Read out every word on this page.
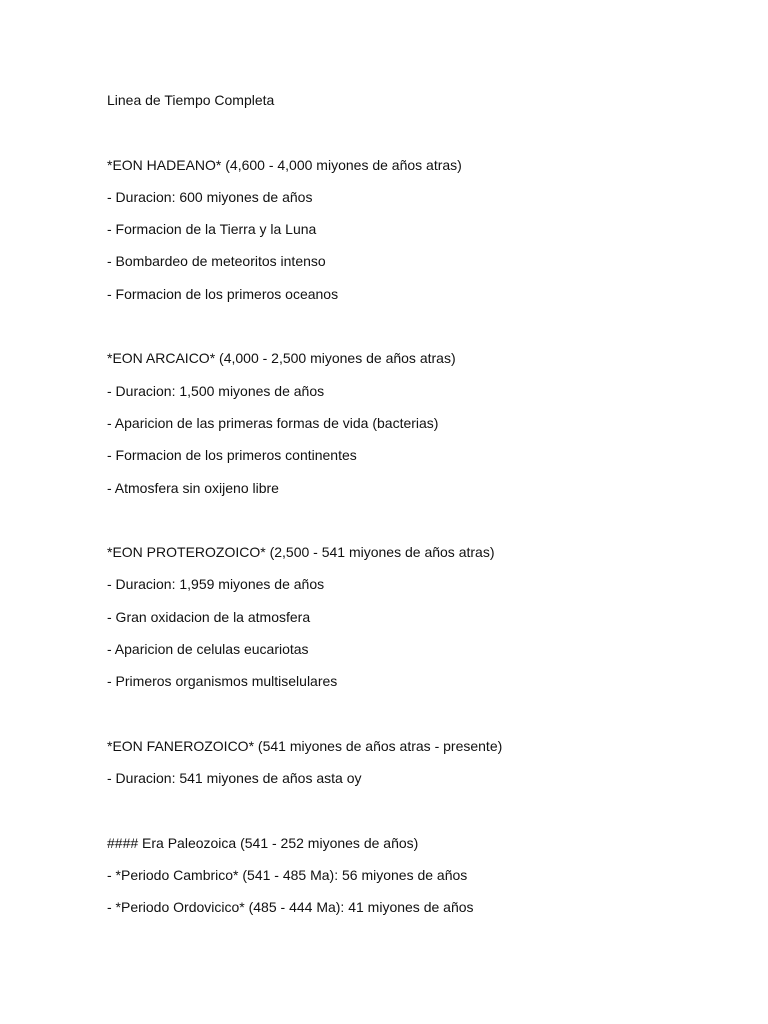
Linea de Tiempo Completa
*EON HADEANO* (4,600 - 4,000 miyones de años atras)
- Duracion: 600 miyones de años
- Formacion de la Tierra y la Luna
- Bombardeo de meteoritos intenso
- Formacion de los primeros oceanos
*EON ARCAICO* (4,000 - 2,500 miyones de años atras)
- Duracion: 1,500 miyones de años
- Aparicion de las primeras formas de vida (bacterias)
- Formacion de los primeros continentes
- Atmosfera sin oxijeno libre
*EON PROTEROZOICO* (2,500 - 541 miyones de años atras)
- Duracion: 1,959 miyones de años
- Gran oxidacion de la atmosfera
- Aparicion de celulas eucariotas
- Primeros organismos multiselulares
*EON FANEROZOICO* (541 miyones de años atras - presente)
- Duracion: 541 miyones de años asta oy
#### Era Paleozoica (541 - 252 miyones de años)
- *Periodo Cambrico* (541 - 485 Ma): 56 miyones de años
- *Periodo Ordovicico* (485 - 444 Ma): 41 miyones de años
